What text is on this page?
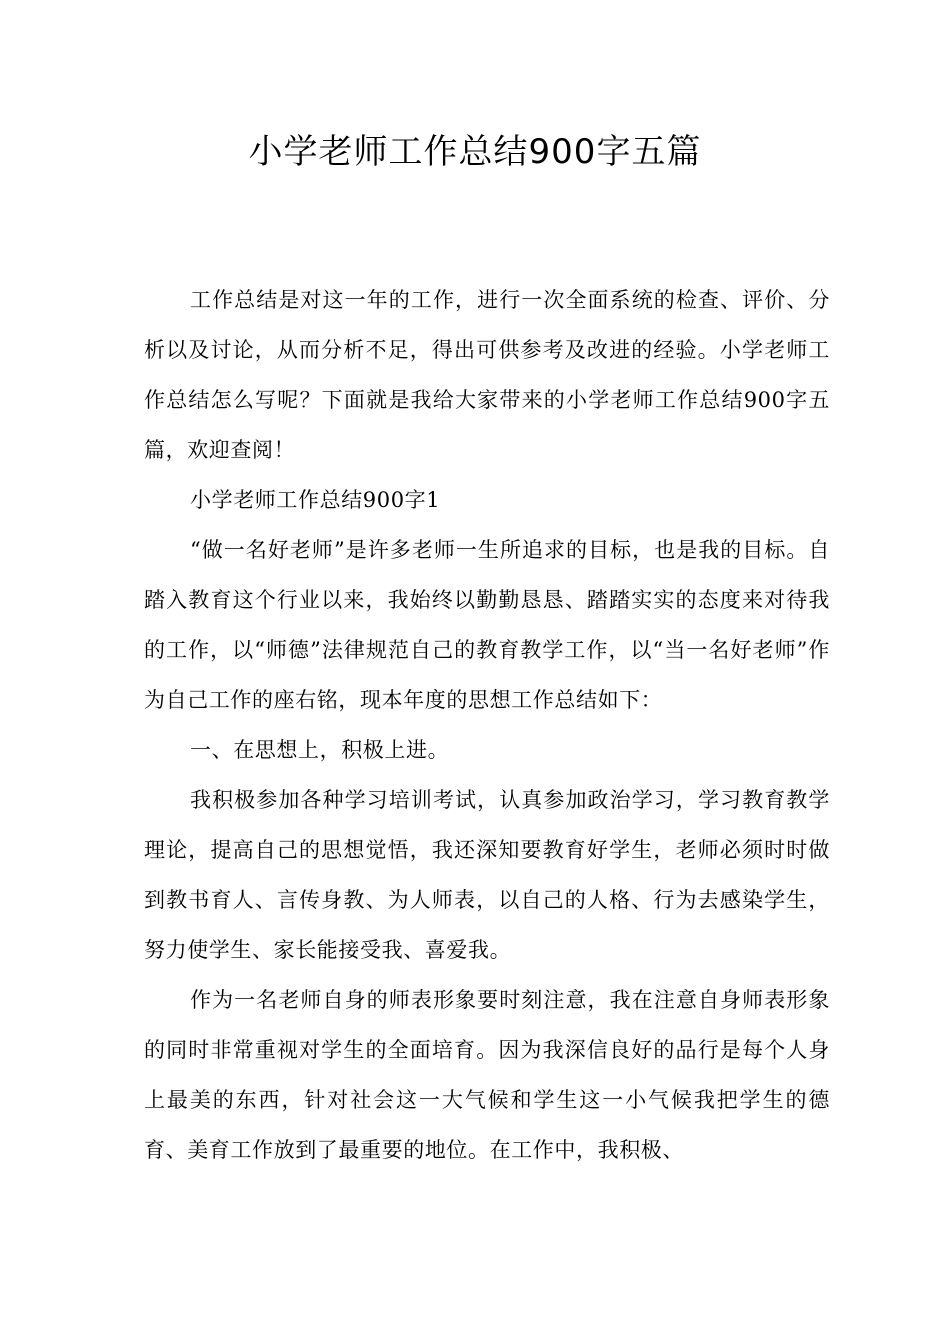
小学老师工作总结900字五篇

工作总结是对这一年的工作，进行一次全面系统的检查、评价、分析以及讨论，从而分析不足，得出可供参考及改进的经验。小学老师工作总结怎么写呢？下面就是我给大家带来的小学老师工作总结900字五篇，欢迎查阅！

小学老师工作总结900字1

“做一名好老师”是许多老师一生所追求的目标，也是我的目标。自踏入教育这个行业以来，我始终以勤勤恳恳、踏踏实实的态度来对待我的工作，以“师德”法律规范自己的教育教学工作，以“当一名好老师”作为自己工作的座右铭，现本年度的思想工作总结如下：

一、在思想上，积极上进。

我积极参加各种学习培训考试，认真参加政治学习，学习教育教学理论，提高自己的思想觉悟，我还深知要教育好学生，老师必须时时做到教书育人、言传身教、为人师表，以自己的人格、行为去感染学生，努力使学生、家长能接受我、喜爱我。

作为一名老师自身的师表形象要时刻注意，我在注意自身师表形象的同时非常重视对学生的全面培育。因为我深信良好的品行是每个人身上最美的东西，针对社会这一大气候和学生这一小气候我把学生的德育、美育工作放到了最重要的地位。在工作中，我积极、
